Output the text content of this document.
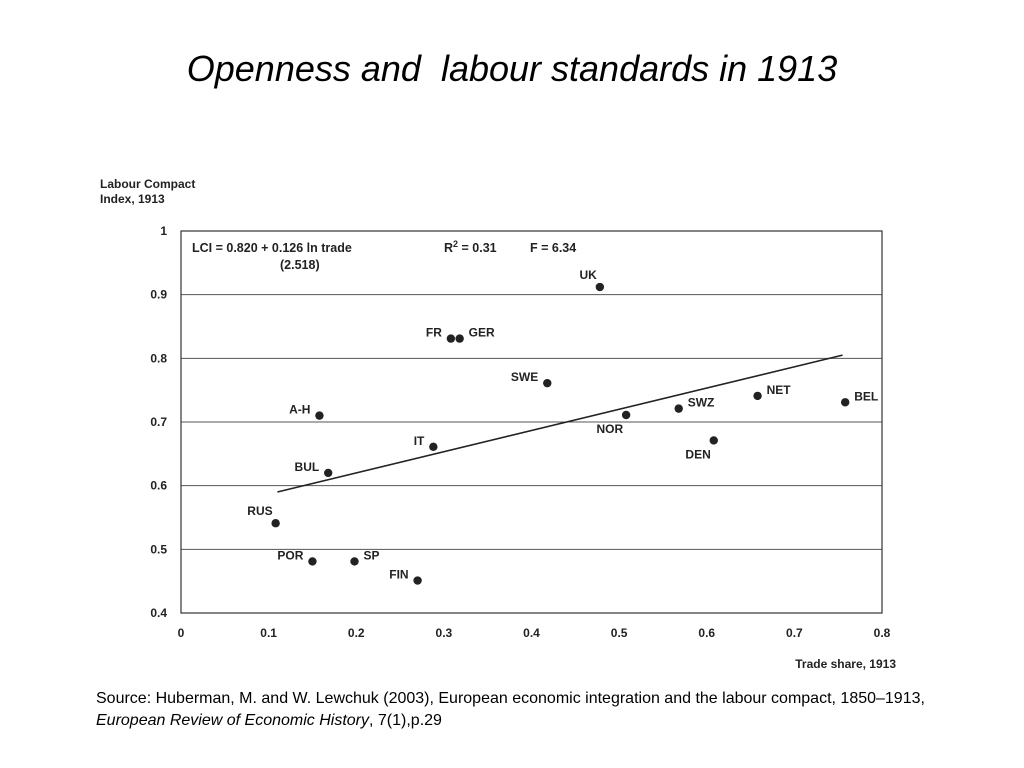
Openness and  labour standards in 1913
Labour Compact
Index, 1913
0.4
0.5
0.6
0.7
0.8
0.9
1
0	0.1	0.2	0.3	0.4	0.5	0.6	0.7	0.8
UK
FR GER
SWE
A-H
IT
BUL
RUS
POR	SP
FIN
NOR
SWZ
DEN
NET	BEL
LCI = 0.820 + 0.126 ln trade
(2.518)
$R^2 = 0.31$	F = 6.34
Trade share, 1913
Source: Huberman, M. and W. Lewchuk (2003), European economic integration and the labour compact, 1850–1913, European Review of Economic History, 7(1),p.29
